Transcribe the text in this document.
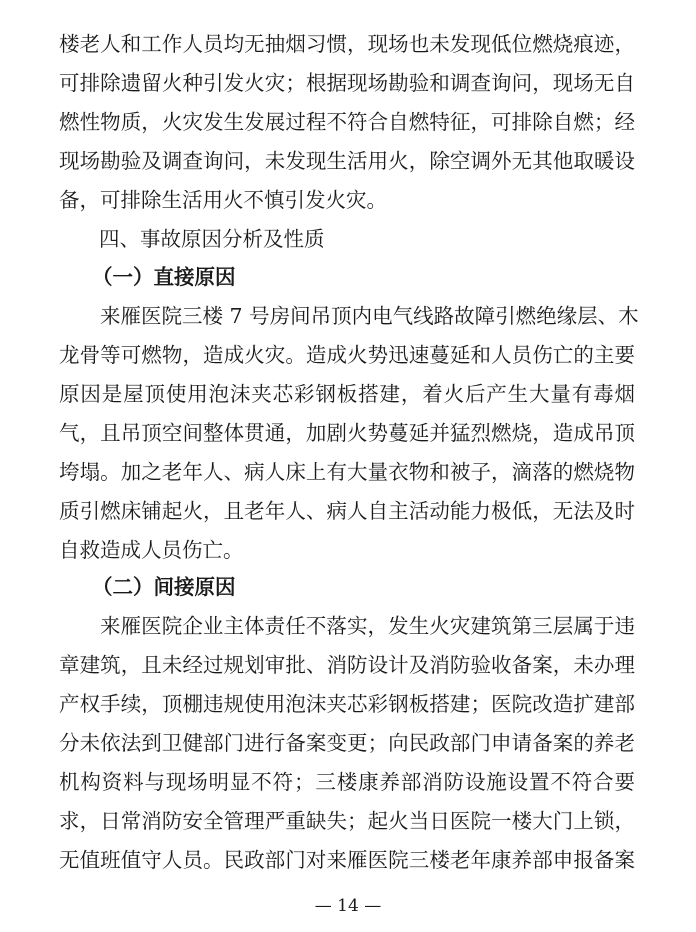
楼老人和工作人员均无抽烟习惯，现场也未发现低位燃烧痕迹，
可排除遗留火种引发火灾；根据现场勘验和调查询问，现场无自
燃性物质，火灾发生发展过程不符合自燃特征，可排除自燃；经
现场勘验及调查询问，未发现生活用火，除空调外无其他取暖设
备，可排除生活用火不慎引发火灾。
四、事故原因分析及性质
（一）直接原因
来雁医院三楼 7 号房间吊顶内电气线路故障引燃绝缘层、木
龙骨等可燃物，造成火灾。造成火势迅速蔓延和人员伤亡的主要
原因是屋顶使用泡沫夹芯彩钢板搭建，着火后产生大量有毒烟
气，且吊顶空间整体贯通，加剧火势蔓延并猛烈燃烧，造成吊顶
垮塌。加之老年人、病人床上有大量衣物和被子，滴落的燃烧物
质引燃床铺起火，且老年人、病人自主活动能力极低，无法及时
自救造成人员伤亡。
（二）间接原因
来雁医院企业主体责任不落实，发生火灾建筑第三层属于违
章建筑，且未经过规划审批、消防设计及消防验收备案，未办理
产权手续，顶棚违规使用泡沫夹芯彩钢板搭建；医院改造扩建部
分未依法到卫健部门进行备案变更；向民政部门申请备案的养老
机构资料与现场明显不符；三楼康养部消防设施设置不符合要
求，日常消防安全管理严重缺失；起火当日医院一楼大门上锁，
无值班值守人员。民政部门对来雁医院三楼老年康养部申报备案
— 14 —
